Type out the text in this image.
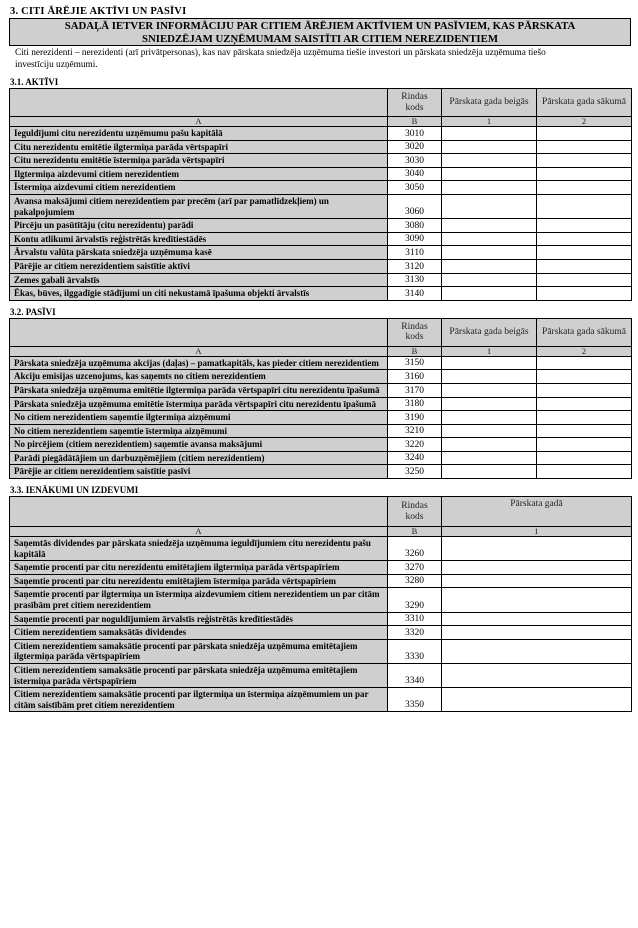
3. CITI ĀRĒJIE AKTĪVI UN PASĪVI
SADAĻĀ IETVER INFORMĀCIJU PAR CITIEM ĀRĒJIEM AKTĪVIEM UN PASĪVIEM, KAS PĀRSKATA
SNIEDZĒJAM UZŅĒMUMAM SAISTĪTI AR CITIEM NEREZIDENTIEM
Citi nerezidenti – nerezidenti (arī privātpersonas), kas nav pārskata sniedzēja uzņēmuma tiešie investori un pārskata sniedzēja uzņēmuma tiešo
investīciju uzņēmumi.
3.1. AKTĪVI
	Rindas kods	Pārskata gada beigās	Pārskata gada sākumā
A	B	1	2
Ieguldījumi citu nerezidentu uzņēmumu pašu kapitālā	3010		
Citu nerezidentu emitētie ilgtermiņa parāda vērtspapīri	3020		
Citu nerezidentu emitētie īstermiņa parāda vērtspapīri	3030		
Ilgtermiņa aizdevumi citiem nerezidentiem	3040		
Īstermiņa aizdevumi citiem nerezidentiem	3050		
Avansa maksājumi citiem nerezidentiem par precēm (arī par pamatlīdzekļiem) un pakalpojumiem	3060		
Pircēju un pasūtītāju (citu nerezidentu) parādi	3080		
Kontu atlikumi ārvalstīs reģistrētās kredītiestādēs	3090		
Ārvalstu valūta pārskata sniedzēja uzņēmuma kasē	3110		
Pārējie ar citiem nerezidentiem saistītie aktīvi	3120		
Zemes gabali ārvalstīs	3130		
Ēkas, būves, ilggadīgie stādījumi un citi nekustamā īpašuma objekti ārvalstīs	3140		
3.2. PASĪVI
	Rindas kods	Pārskata gada beigās	Pārskata gada sākumā
A	B	1	2
Pārskata sniedzēja uzņēmuma akcijas (daļas) – pamatkapitāls, kas pieder citiem nerezidentiem	3150		
Akciju emisijas uzcenojums, kas saņemts no citiem nerezidentiem	3160		
Pārskata sniedzēja uzņēmuma emitētie ilgtermiņa parāda vērtspapīri citu nerezidentu īpašumā	3170		
Pārskata sniedzēja uzņēmuma emitētie īstermiņa parāda vērtspapīri citu nerezidentu īpašumā	3180		
No citiem nerezidentiem saņemtie ilgtermiņa aizņēmumi	3190		
No citiem nerezidentiem saņemtie īstermiņa aizņēmumi	3210		
No pircējiem (citiem nerezidentiem) saņemtie avansa maksājumi	3220		
Parādi piegādātājiem un darbuzņēmējiem (citiem nerezidentiem)	3240		
Pārējie ar citiem nerezidentiem saistītie pasīvi	3250		
3.3. IENĀKUMI UN IZDEVUMI
	Rindas kods	Pārskata gadā
A	B	1
Saņemtās dividendes par pārskata sniedzēja uzņēmuma ieguldījumiem citu nerezidentu pašu kapitālā	3260	
Saņemtie procenti par citu nerezidentu emitētajiem ilgtermiņa parāda vērtspapīriem	3270	
Saņemtie procenti par citu nerezidentu emitētajiem īstermiņa parāda vērtspapīriem	3280	
Saņemtie procenti par ilgtermiņa un īstermiņa aizdevumiem citiem nerezidentiem un par citām prasībām pret citiem nerezidentiem	3290	
Saņemtie procenti par noguldījumiem ārvalstīs reģistrētās kredītiestādēs	3310	
Citiem nerezidentiem samaksātās dividendes	3320	
Citiem nerezidentiem samaksātie procenti par pārskata sniedzēja uzņēmuma emitētajiem ilgtermiņa parāda vērtspapīriem	3330	
Citiem nerezidentiem samaksātie procenti par pārskata sniedzēja uzņēmuma emitētajiem īstermiņa parāda vērtspapīriem	3340	
Citiem nerezidentiem samaksātie procenti par ilgtermiņa un īstermiņa aizņēmumiem un par citām saistībām pret citiem nerezidentiem	3350	
